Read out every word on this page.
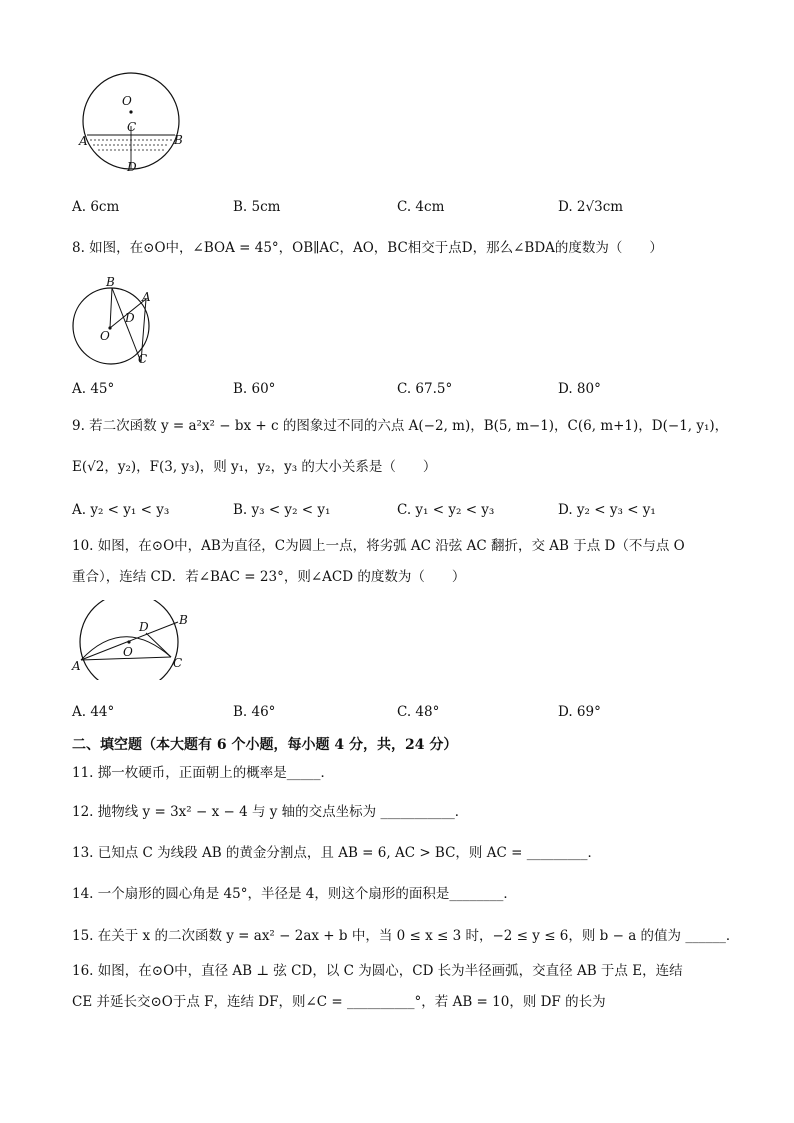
O
C
A	B
D
A. 6cm	B. 5cm	C. 4cm	D. 2√3cm
8. 如图，在⊙O中，∠BOA = 45°，OB∥AC，AO，BC相交于点D，那么∠BDA的度数为（　　）
B
A
D
O
C
A. 45°	B. 60°	C. 67.5°	D. 80°
9. 若二次函数 y = a²x² − bx + c 的图象过不同的六点 A(−2, m)，B(5, m−1)，C(6, m+1)，D(−1, y₁)，
E(√2，y₂)，F(3, y₃)，则 y₁，y₂，y₃ 的大小关系是（　　）
A. y₂ < y₁ < y₃	B. y₃ < y₂ < y₁	C. y₁ < y₂ < y₃	D. y₂ < y₃ < y₁
10. 如图，在⊙O中，AB为直径，C为圆上一点，将劣弧 AC 沿弦 AC 翻折，交 AB 于点 D（不与点 O
重合），连结 CD．若∠BAC = 23°，则∠ACD 的度数为（　　）
B
D
O
A	C
A. 44°	B. 46°	C. 48°	D. 69°
二、填空题（本大题有 6 个小题，每小题 4 分，共，24 分）
11. 掷一枚硬币，正面朝上的概率是_____．
12. 抛物线 y = 3x² − x − 4 与 y 轴的交点坐标为 ___________．
13. 已知点 C 为线段 AB 的黄金分割点，且 AB = 6, AC > BC，则 AC = _________．
14. 一个扇形的圆心角是 45°，半径是 4，则这个扇形的面积是________．
15. 在关于 x 的二次函数 y = ax² − 2ax + b 中，当 0 ≤ x ≤ 3 时，−2 ≤ y ≤ 6，则 b − a 的值为 ______．
16. 如图，在⊙O中，直径 AB ⊥ 弦 CD，以 C 为圆心，CD 长为半径画弧，交直径 AB 于点 E，连结
CE 并延长交⊙O于点 F，连结 DF，则∠C = __________°，若 AB = 10，则 DF 的长为
